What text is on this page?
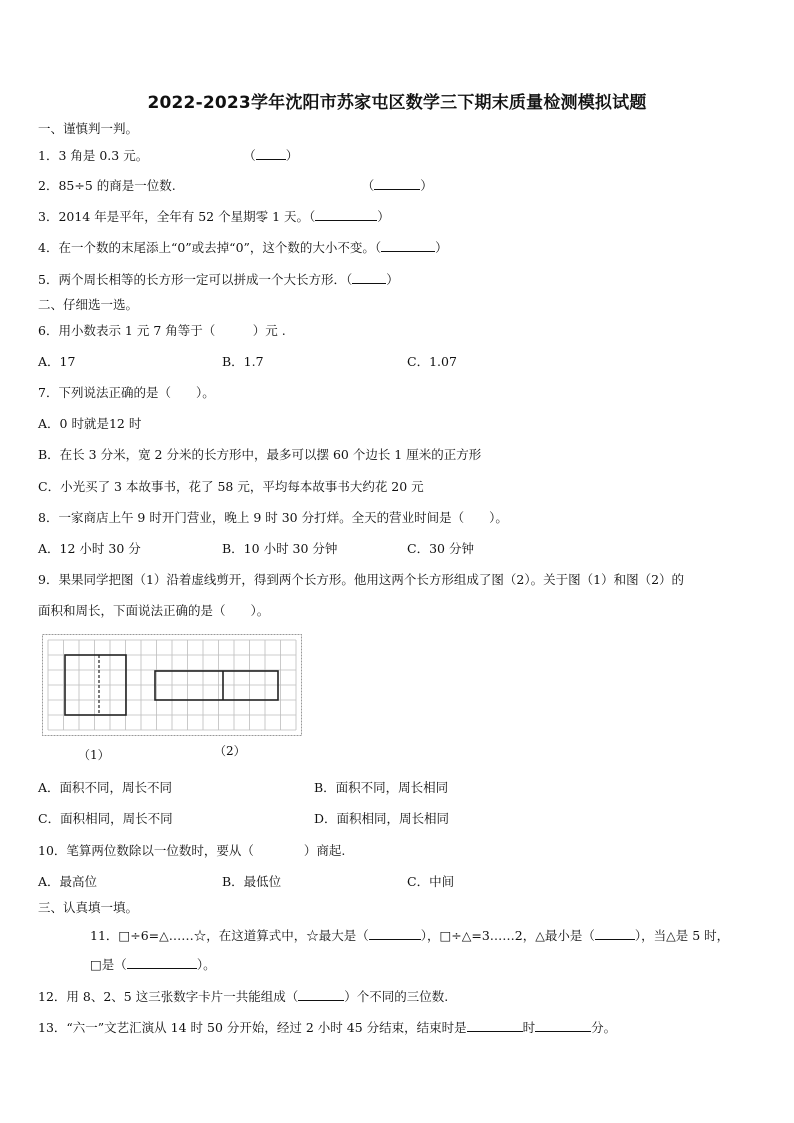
2022-2023学年沈阳市苏家屯区数学三下期末质量检测模拟试题
一、谨慎判一判。
1．3 角是 0.3 元。	（ ）
2．85÷5 的商是一位数.	（	）
3．2014 年是平年，全年有 52 个星期零 1 天。（	）
4．在一个数的末尾添上“0”或去掉“0”，这个数的大小不变。（	）
5．两个周长相等的长方形一定可以拼成一个大长方形．（	）
二、仔细选一选。
6．用小数表示 1 元 7 角等于（　　　）元 .
A．17	B．1.7	C．1.07
7．下列说法正确的是（　　）。
A．0 时就是12 时
B．在长 3 分米，宽 2 分米的长方形中，最多可以摆 60 个边长 1 厘米的正方形
C．小光买了 3 本故事书，花了 58 元，平均每本故事书大约花 20 元
8．一家商店上午 9 时开门营业，晚上 9 时 30 分打烊。全天的营业时间是（　　）。
A．12 小时 30 分	B．10 小时 30 分钟	C．30 分钟
9．果果同学把图（1）沿着虚线剪开，得到两个长方形。他用这两个长方形组成了图（2）。关于图（1）和图（2）的
面积和周长，下面说法正确的是（　　）。
（1）	（2）
A．面积不同，周长不同	B．面积不同，周长相同
C．面积相同，周长不同	D．面积相同，周长相同
10．笔算两位数除以一位数时，要从（　　　　）商起.
A．最高位	B．最低位	C．中间
三、认真填一填。
11．□÷6=△……☆，在这道算式中，☆最大是（	），□÷△=3……2，△最小是（	），当△是 5 时，
□是（	）。
12．用 8、2、5 这三张数字卡片一共能组成（	）个不同的三位数.
13．“六一”文艺汇演从 14 时 50 分开始，经过 2 小时 45 分结束，结束时是	时	分。
